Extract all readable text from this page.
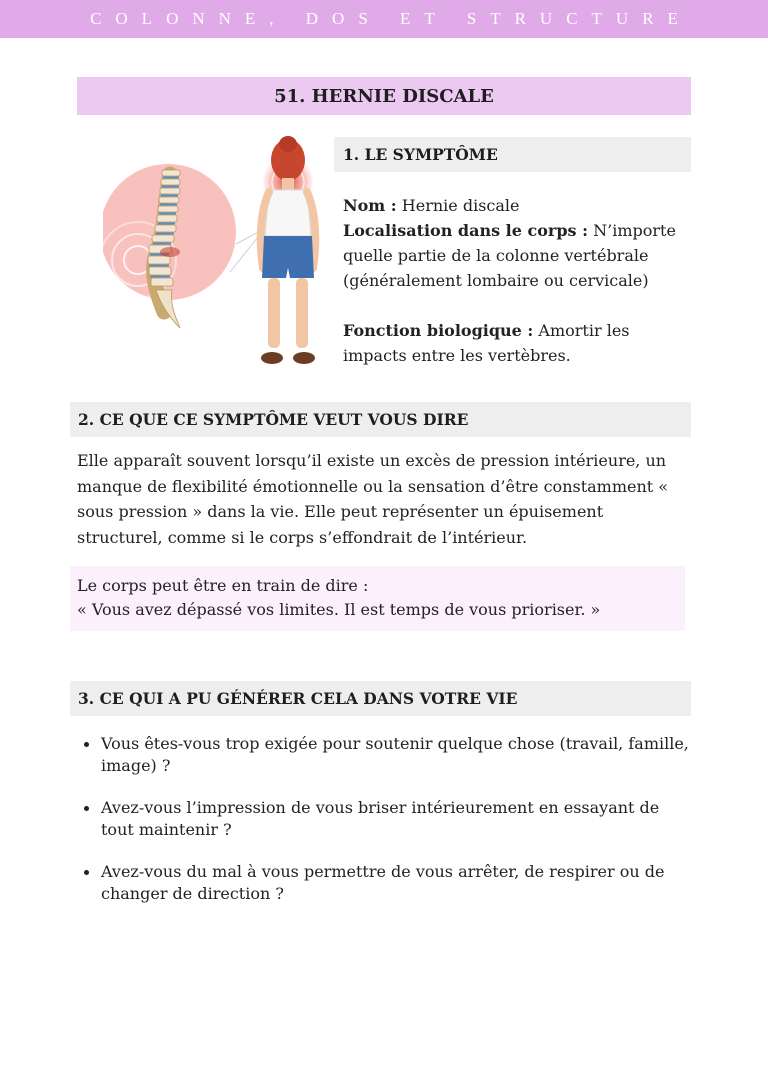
COLONNE, DOS ET STRUCTURE
51. HERNIE DISCALE
1. LE SYMPTÔME

Nom : Hernie discale
Localisation dans le corps : N’importe quelle partie de la colonne vertébrale (généralement lombaire ou cervicale)

Fonction biologique : Amortir les impacts entre les vertèbres.

2. CE QUE CE SYMPTÔME VEUT VOUS DIRE

Elle apparaît souvent lorsqu’il existe un excès de pression intérieure, un manque de flexibilité émotionnelle ou la sensation d’être constamment « sous pression » dans la vie. Elle peut représenter un épuisement structurel, comme si le corps s’effondrait de l’intérieur.

Le corps peut être en train de dire :
« Vous avez dépassé vos limites. Il est temps de vous prioriser. »
3. CE QUI A PU GÉNÉRER CELA DANS VOTRE VIE
Vous êtes-vous trop exigée pour soutenir quelque chose (travail, famille, image) ?
Avez-vous l’impression de vous briser intérieurement en essayant de tout maintenir ?
Avez-vous du mal à vous permettre de vous arrêter, de respirer ou de changer de direction ?
